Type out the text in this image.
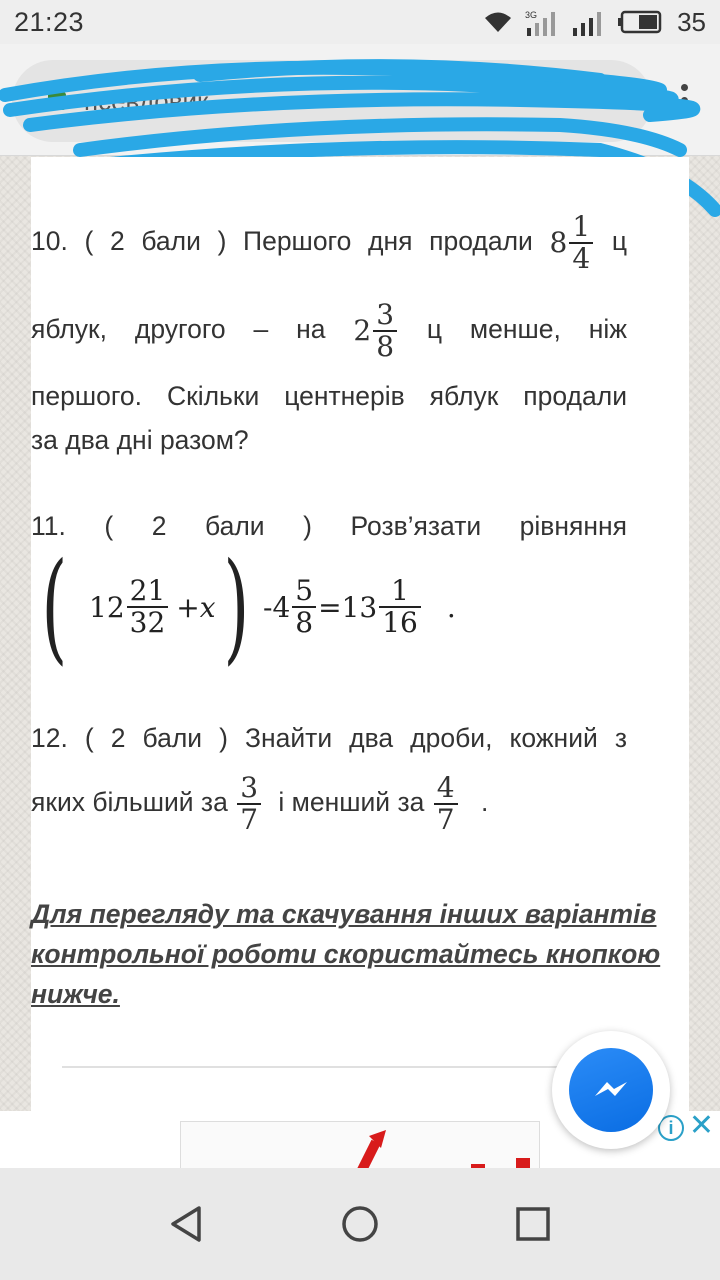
21:23	3G	35
псевдовик
10. ( 2 бали ) Першого дня продали $8 \frac{1}{4}$ ц
яблук, другого – на $2 \frac{3}{8}$ ц менше, ніж
першого. Скільки центнерів яблук продали
за два дні разом?
11. ( 2 бали ) Розв’язати рівняння
( $12 \frac{21}{32} +x$ ) $-4 \frac{5}{8} =13 \frac{1}{16}$ .
12. ( 2 бали ) Знайти два дроби, кожний з
яких більший за $\frac{3}{7}$ і менший за $\frac{4}{7}$ .
Для перегляду та скачування інших варіантів
контрольної роботи скористайтесь кнопкою
нижче.
i ✕
